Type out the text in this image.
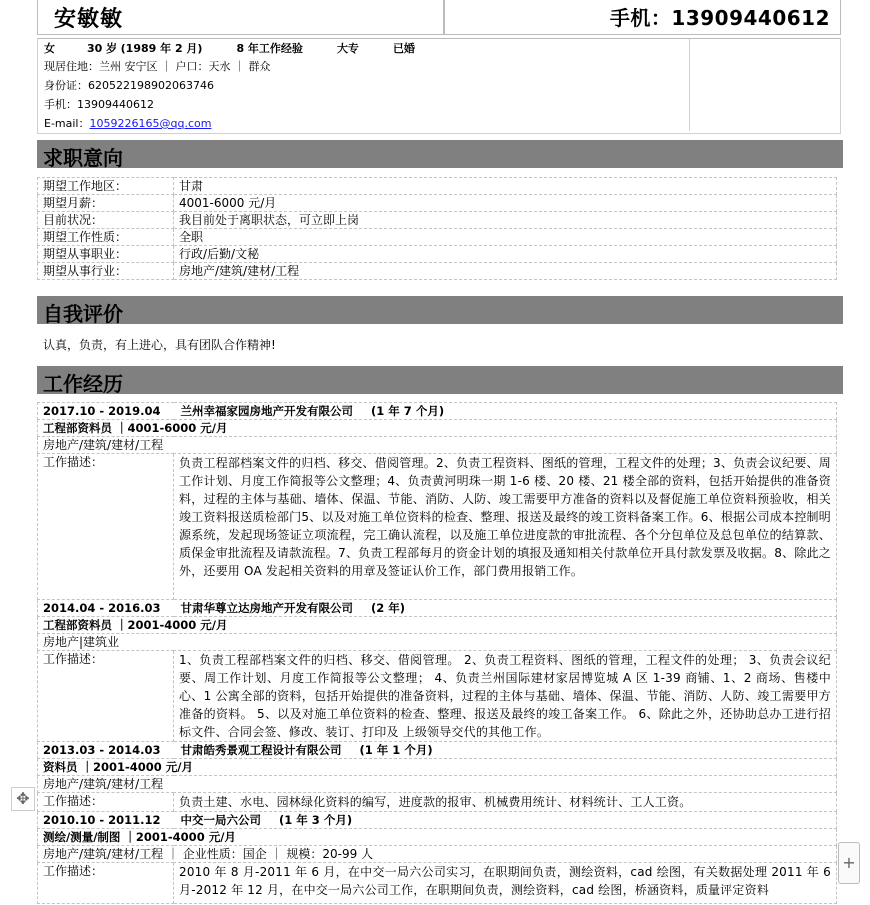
安敏敏	手机：13909440612
女	30 岁 (1989 年 2 月)	8 年工作经验	大专	已婚
现居住地：兰州 安宁区 ｜ 户口：天水 ｜ 群众
身份证：620522198902063746
手机：13909440612
E-mail：1059226165@qq.com
求职意向
期望工作地区：	甘肃
期望月薪：	4001-6000 元/月
目前状况：	我目前处于离职状态，可立即上岗
期望工作性质：	全职
期望从事职业：	行政/后勤/文秘
期望从事行业：	房地产/建筑/建材/工程
自我评价
认真，负责，有上进心，具有团队合作精神!
工作经历
2017.10 - 2019.04 兰州幸福家园房地产开发有限公司 (1 年 7 个月)	
工程部资料员 ｜4001-6000 元/月	
房地产/建筑/建材/工程	
工作描述：	负责工程部档案文件的归档、移交、借阅管理。2、负责工程资料、图纸的管理，工程文件的处理；3、负责会议纪要、周工作计划、月度工作简报等公文整理；4、负责黄河明珠一期 1-6 楼、20 楼、21 楼全部的资料，包括开始提供的准备资料，过程的主体与基础、墙体、保温、节能、消防、人防、竣工需要甲方准备的资料以及督促施工单位资料预验收，相关竣工资料报送质检部门5、以及对施工单位资料的检查、整理、报送及最终的竣工资料备案工作。6、根据公司成本控制明源系统，发起现场签证立项流程，完工确认流程，以及施工单位进度款的审批流程、各个分包单位及总包单位的结算款、质保金审批流程及请款流程。7、负责工程部每月的资金计划的填报及通知相关付款单位开具付款发票及收据。8、除此之外，还要用 OA 发起相关资料的用章及签证认价工作，部门费用报销工作。
2014.04 - 2016.03 甘肃华尊立达房地产开发有限公司 (2 年)	
工程部资料员 ｜2001-4000 元/月	
房地产|建筑业	
工作描述：	1、负责工程部档案文件的归档、移交、借阅管理。 2、负责工程资料、图纸的管理，工程文件的处理； 3、负责会议纪要、周工作计划、月度工作简报等公文整理； 4、负责兰州国际建材家居博览城 A 区 1-39 商铺、1、2 商场、售楼中心、1 公寓全部的资料，包括开始提供的准备资料，过程的主体与基础、墙体、保温、节能、消防、人防、竣工需要甲方准备的资料。 5、以及对施工单位资料的检查、整理、报送及最终的竣工备案工作。 6、除此之外，还协助总办工进行招标文件、合同会签、修改、装订、打印及 上级领导交代的其他工作。
2013.03 - 2014.03 甘肃皓秀景观工程设计有限公司 (1 年 1 个月)	
资料员 ｜2001-4000 元/月	
房地产/建筑/建材/工程	
工作描述：	负责土建、水电、园林绿化资料的编写，进度款的报审、机械费用统计、材料统计、工人工资。
2010.10 - 2011.12 中交一局六公司 (1 年 3 个月)	
测绘/测量/制图 ｜2001-4000 元/月	
房地产/建筑/建材/工程 ｜ 企业性质：国企 ｜ 规模：20-99 人	
工作描述：	2010 年 8 月-2011 年 6 月，在中交一局六公司实习，在职期间负责，测绘资料，cad 绘图，有关数据处理 2011 年 6 月-2012 年 12 月，在中交一局六公司工作，在职期间负责，测绘资料，cad 绘图，桥涵资料，质量评定资料
✥
+
